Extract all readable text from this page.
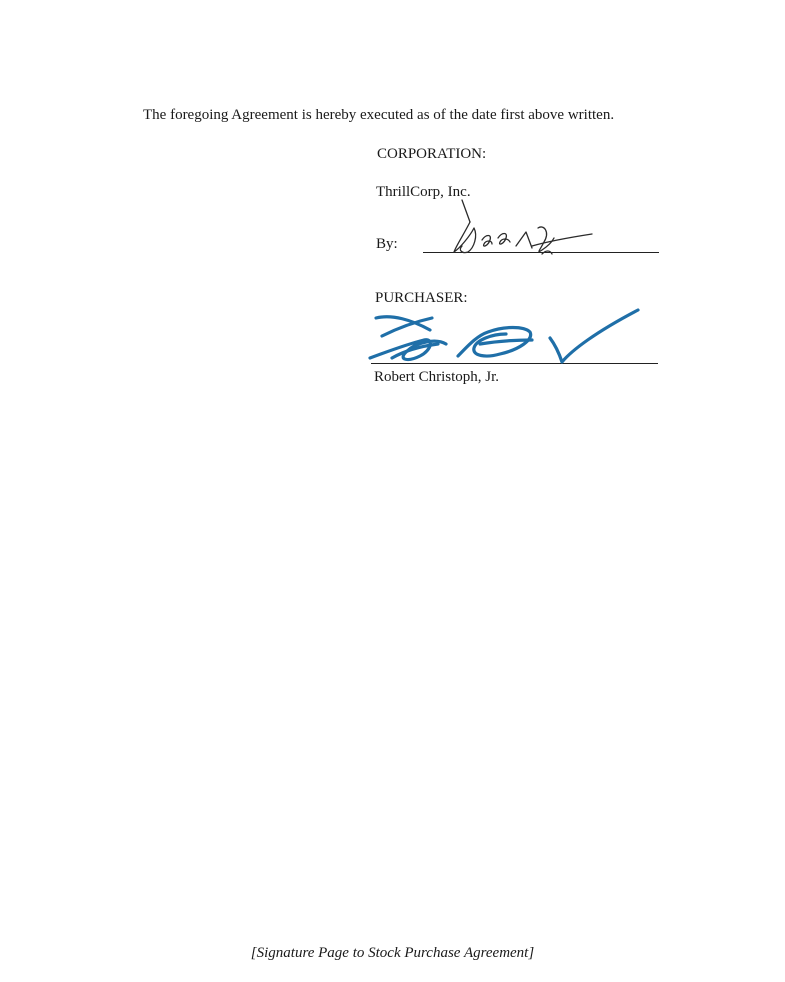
The foregoing Agreement is hereby executed as of the date first above written.
CORPORATION:
ThrillCorp, Inc.
By:
PURCHASER:
Robert Christoph, Jr.
[Signature Page to Stock Purchase Agreement]
